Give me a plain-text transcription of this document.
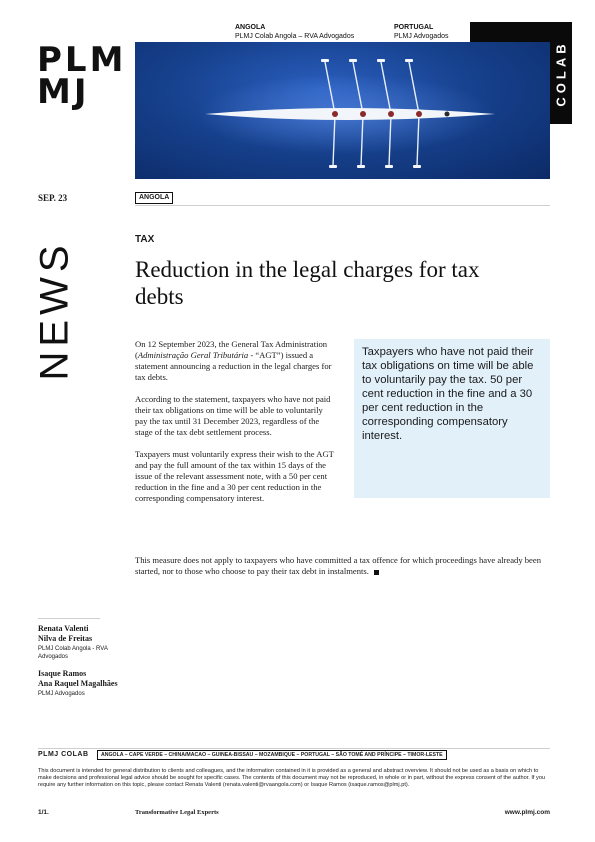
PLM
MJ
ANGOLA
PLMJ Colab Angola – RVA Advogados
PORTUGAL
PLMJ Advogados
COLAB
SEP. 23	ANGOLA
NEWS
TAX
Reduction in the legal charges for tax debts

On 12 September 2023, the General Tax Administration (Administração Geral Tributária - “AGT”) issued a statement announcing a reduction in the legal charges for tax debts.

According to the statement, taxpayers who have not paid their tax obligations on time will be able to voluntarily pay the tax until 31 December 2023, regardless of the stage of the tax debt settlement process.

Taxpayers must voluntarily express their wish to the AGT and pay the full amount of the tax within 15 days of the issue of the relevant assessment note, with a 50 per cent reduction in the fine and a 30 per cent reduction in the corresponding compensatory interest.

Taxpayers who have not paid their tax obligations on time will be able to voluntarily pay the tax. 50 per cent reduction in the fine and a 30 per cent reduction in the corresponding compensatory interest.
This measure does not apply to taxpayers who have committed a tax offence for which proceedings have already been started, nor to those who choose to pay their tax debt in instalments.
Renata Valenti
Nilva de Freitas
PLMJ Colab Angola - RVA Advogados
Isaque Ramos
Ana Raquel Magalhães
PLMJ Advogados
PLMJ COLAB	ANGOLA – CAPE VERDE – CHINA/MACAO – GUINEA-BISSAU – MOZAMBIQUE – PORTUGAL – SÃO TOMÉ AND PRÍNCIPE – TIMOR-LESTE
This document is intended for general distribution to clients and colleagues, and the information contained in it is provided as a general and abstract overview. It should not be used as a basis on which to make decisions and professional legal advice should be sought for specific cases. The contents of this document may not be reproduced, in whole or in part, without the express consent of the author. If you require any further information on this topic, please contact Renata Valenti (renata.valenti@rvaangola.com) or Isaque Ramos (isaque.ramos@plmj.pt).
1/1.	Transformative Legal Experts	www.plmj.com
